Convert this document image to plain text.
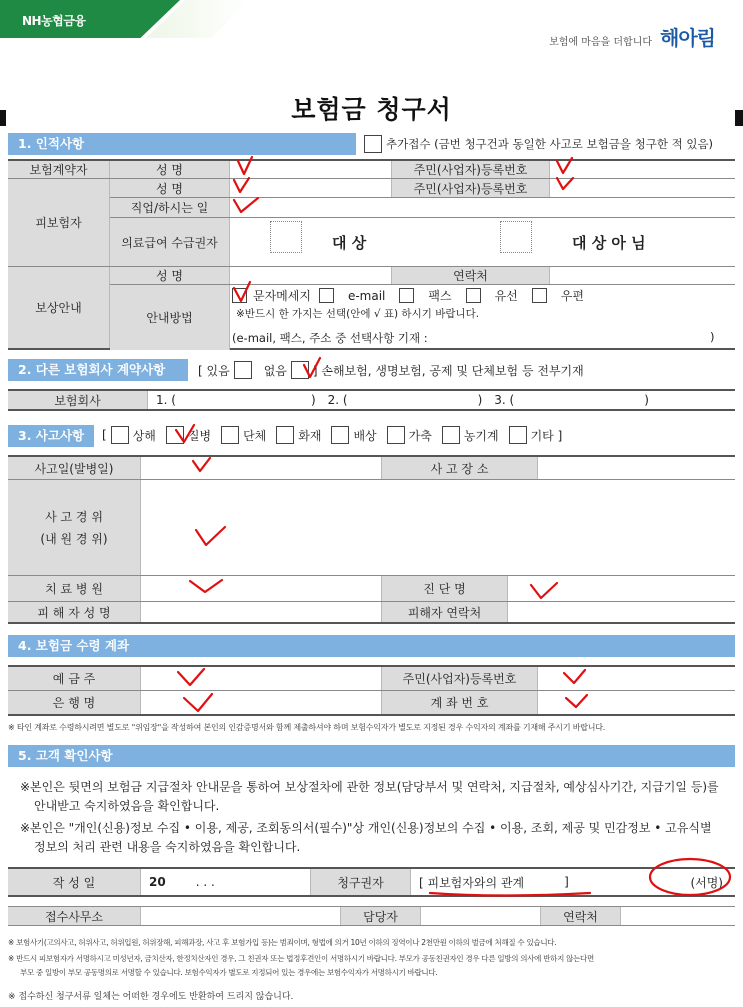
NH농협금융
보험에 마음을 더합니다 해아림
보험금 청구서
1. 인적사항	추가접수 (금번 청구건과 동일한 사고로 보험금을 청구한 적 있음)
보험계약자	성 명	주민(사업자)등록번호
피보험자
성 명	주민(사업자)등록번호
직업/하시는 일
의료급여 수급권자	대 상	대 상 아 님
보상안내
성 명	연락처
안내방법
문자메세지	e-mail	팩스	유선	우편
※반드시 한 가지는 선택(안에 √ 표) 하시기 바랍니다.
(e-mail, 팩스, 주소 중 선택사항 기재 :	)
2. 다른 보험회사 계약사항	[ 있음	없음 ] 손해보험, 생명보험, 공제 및 단체보험 등 전부기재
보험회사	1. (	) 2. (	) 3. (	)
3. 사고사항	[ 상해	질병	단체	화재	배상	가축	농기계	기타 ]
사고일(발병일)	사 고 장 소
사 고 경 위
(내 원 경 위)
치 료 병 원	진 단 명
피 해 자 성 명	피해자 연락처
4. 보험금 수령 계좌
예 금 주	주민(사업자)등록번호
은 행 명	계 좌 번 호
※ 타인 계좌로 수령하시려면 별도로 "위임장"을 작성하여 본인의 인감증명서와 함께 제출하셔야 하며 보험수익자가 별도로 지정된 경우 수익자의 계좌를 기재해 주시기 바랍니다.
5. 고객 확인사항
※본인은 뒷면의 보험금 지급절차 안내문을 통하여 보상절차에 관한 정보(담당부서 및 연락처, 지급절차, 예상심사기간, 지급기일 등)를
안내받고 숙지하였음을 확인합니다.
※본인은 "개인(신용)정보 수집 • 이용, 제공, 조회동의서(필수)"상 개인(신용)정보의 수집 • 이용, 조회, 제공 및 민감정보 • 고유식별
정보의 처리 관련 내용을 숙지하였음을 확인합니다.
작 성 일	20	. . .	청구권자	[ 피보험자와의 관계	]	(서명)
접수사무소	담당자	연락처
※ 보험사기(고의사고, 허위사고, 허위입원, 허위장해, 피해과장, 사고 후 보험가입 등)는 범죄이며, 형법에 의거 10년 이하의 징역이나 2천만원 이하의 벌금에 처해질 수 있습니다.
※ 반드시 피보험자가 서명하시고 미성년자, 금치산자, 한정치산자인 경우, 그 친권자 또는 법정후견인이 서명하시기 바랍니다. 부모가 공동친권자인 경우 다른 일방의 의사에 반하지 않는다면
부모 중 일방이 부모 공동명의로 서명할 수 있습니다. 보험수익자가 별도로 지정되어 있는 경우에는 보험수익자가 서명하시기 바랍니다.
※ 접수하신 청구서류 일체는 어떠한 경우에도 반환하여 드리지 않습니다.
